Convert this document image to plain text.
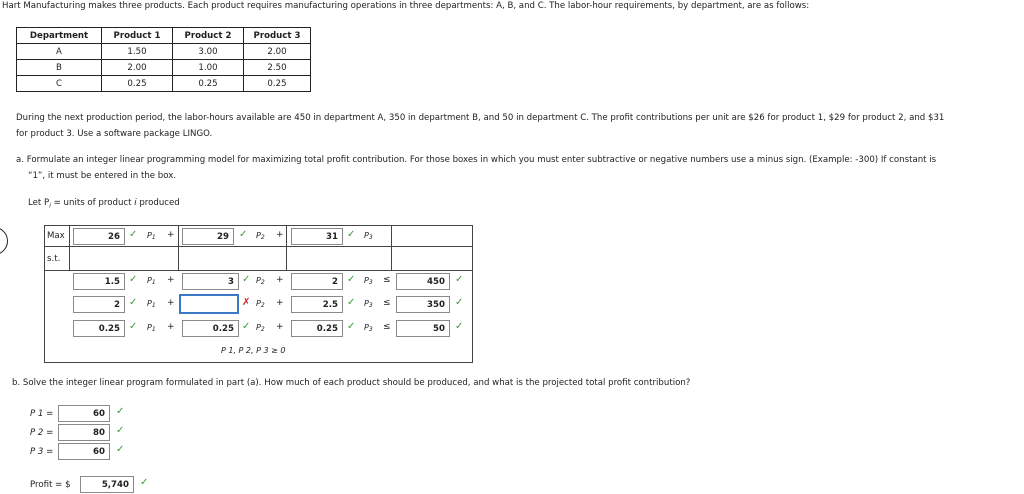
Hart Manufacturing makes three products. Each product requires manufacturing operations in three departments: A, B, and C. The labor-hour requirements, by department, are as follows:
Department	Product 1	Product 2	Product 3
A	1.50	3.00	2.00
B	2.00	1.00	2.50
C	0.25	0.25	0.25
During the next production period, the labor-hours available are 450 in department A, 350 in department B, and 50 in department C. The profit contributions per unit are $26 for product 1, $29 for product 2, and $31
for product 3. Use a software package LINGO.
a. Formulate an integer linear programming model for maximizing total profit contribution. For those boxes in which you must enter subtractive or negative numbers use a minus sign. (Example: -300) If constant is
“1”, it must be entered in the box.
Let $P_i$ = units of product i produced
Max
s.t.
26 ✓ $P_1$ +	29	✓ $P_2$ +	31 ✓ $P_3$
1.5 ✓ $P_1$ +	3 ✓ $P_2$ +	2 ✓ $P_3$ ≤	450	✓
2 ✓ $P_1$ +	✗ $P_2$ +	2.5 ✓ $P_3$ ≤	350	✓
0.25 ✓ $P_1$ +	0.25 ✓ $P_2$ +	0.25 ✓ $P_3$ ≤	50	✓
P 1, P 2, P 3 ≥ 0
b. Solve the integer linear program formulated in part (a). How much of each product should be produced, and what is the projected total profit contribution?
P 1 =	60	✓
P 2 =	80	✓
P 3 =	60	✓
Profit = $	5,740	✓
